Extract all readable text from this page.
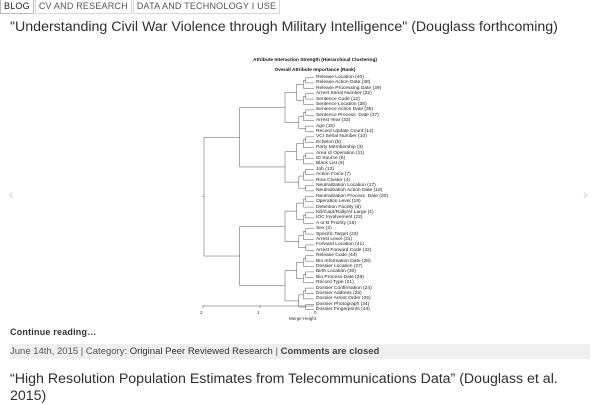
BLOG	CV AND RESEARCH	DATA AND TECHNOLOGY I USE
"Understanding Civil War Violence through Military Intelligence" (Douglass forthcoming)
‹	›
Attribute Interaction Strength (Hierarchical Clustering)
Overall Attribute Importance (Rank)
Release Location (40)
Release Action Date (38)
Release Processing Date (39)
Arrest Serial Number (32)
Sentence Code (12)
Sentence Location (36)
Sentence Action Date (35)
Sentence Process. Date (37)
Arrest Year (33)
Age (15)
Record Update Count (14)
VCI Serial Number (10)
Echelon (5)
Party Membership (3)
Area of Operation (11)
ID Source (6)
Black List (9)
Job (13)
Action Force (7)
Row Cluster (4)
Neutralization Location (17)
Neutralization Action Date (18)
Neutralization Process. Date (20)
Operation Level (19)
Detention Facility (8)
Kill/Capt/Rally/At Large (1)
IOC Involvement (22)
A or B Priority (16)
Sex (2)
Specific Target (23)
Arrest Level (31)
Forward Location (41)
Arrest Forward Code (42)
Release Code (44)
Bio Information Date (28)
Dossier Location (27)
Birth Location (30)
Bio Process Date (29)
Record Type (21)
Dossier Confirmation (24)
Dossier Address (25)
Dossier Arrest Order (26)
Dossier Photograph (34)
Dossier Fingerprints (43)
2	1	0
Merge Height
Continue reading…
June 14th, 2015 | Category: Original Peer Reviewed Research | Comments are closed
“High Resolution Population Estimates from Telecommunications Data” (Douglass et al. 2015)
